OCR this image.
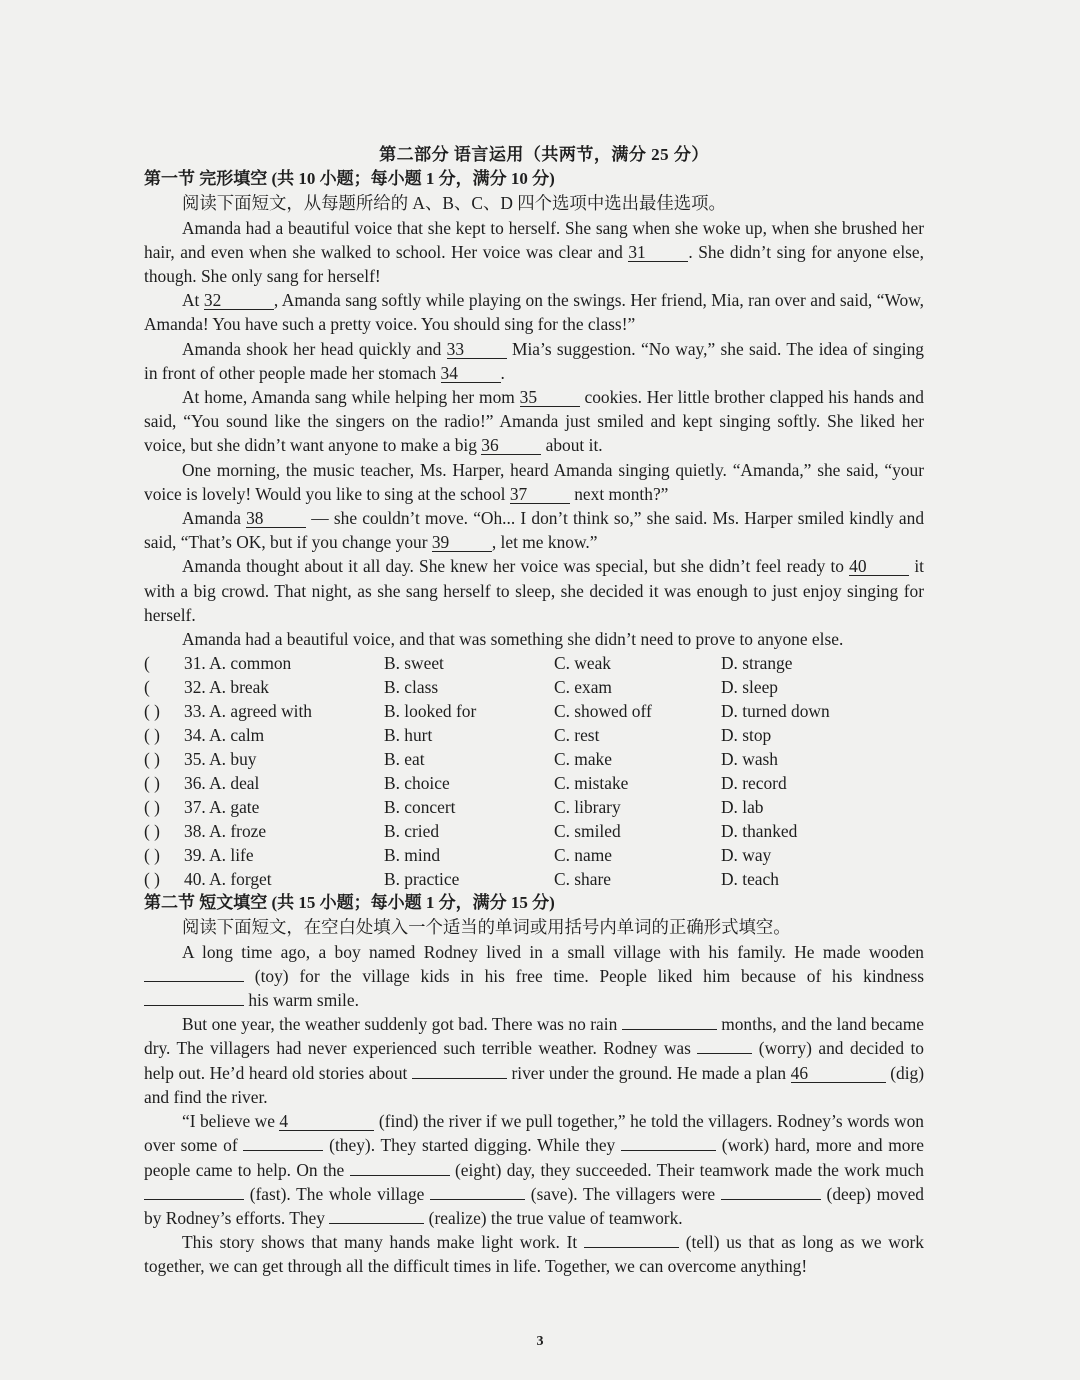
第二部分 语言运用（共两节，满分 25 分）
第一节 完形填空 (共 10 小题；每小题 1 分，满分 10 分)

阅读下面短文，从每题所给的 A、B、C、D 四个选项中选出最佳选项。

Amanda had a beautiful voice that she kept to herself. She sang when she woke up, when she brushed her hair, and even when she walked to school. Her voice was clear and 31 . She didn’t sing for anyone else, though. She only sang for herself!

At 32	, Amanda sang softly while playing on the swings. Her friend, Mia, ran over and said, “Wow, Amanda! You have such a pretty voice. You should sing for the class!”

Amanda shook her head quickly and 33 Mia’s suggestion. “No way,” she said. The idea of singing in front of other people made her stomach 34 .

At home, Amanda sang while helping her mom 35 cookies. Her little brother clapped his hands and said, “You sound like the singers on the radio!” Amanda just smiled and kept singing softly. She liked her voice, but she didn’t want anyone to make a big 36 about it.

One morning, the music teacher, Ms. Harper, heard Amanda singing quietly. “Amanda,” she said, “your voice is lovely! Would you like to sing at the school 37 next month?”

Amanda 38 — she couldn’t move. “Oh... I don’t think so,” she said. Ms. Harper smiled kindly and said, “That’s OK, but if you change your 39 , let me know.”

Amanda thought about it all day. She knew her voice was special, but she didn’t feel ready to 40 it with a big crowd. That night, as she sang herself to sleep, she decided it was enough to just enjoy singing for herself.

Amanda had a beautiful voice, and that was something she didn’t need to prove to anyone else.

(	31. A. common	B. sweet	C. weak	D. strange
(	32. A. break	B. class	C. exam	D. sleep
( )	33. A. agreed with	B. looked for	C. showed off	D. turned down
( )	34. A. calm	B. hurt	C. rest	D. stop
( )	35. A. buy	B. eat	C. make	D. wash
( )	36. A. deal	B. choice	C. mistake	D. record
( )	37. A. gate	B. concert	C. library	D. lab
( )	38. A. froze	B. cried	C. smiled	D. thanked
( )	39. A. life	B. mind	C. name	D. way
( )	40. A. forget	B. practice	C. share	D. teach
第二节 短文填空 (共 15 小题；每小题 1 分，满分 15 分)

阅读下面短文，在空白处填入一个适当的单词或用括号内单词的正确形式填空。

A long time ago, a boy named Rodney lived in a small village with his family. He made wooden  (toy) for the village kids in his free time. People liked him because of his kindness  his warm smile.

But one year, the weather suddenly got bad. There was no rain	months, and the land became dry. The villagers had never experienced such terrible weather. Rodney was	(worry) and decided to help out. He’d heard old stories about	river under the ground. He made a plan 46	(dig) and find the river.

“I believe we 4	(find) the river if we pull together,” he told the villagers. Rodney’s words won over some of	(they). They started digging. While they	(work) hard, more and more people came to help. On the	(eight) day, they succeeded. Their teamwork made the work much  (fast). The whole village	(save). The villagers were	(deep) moved by Rodney’s efforts. They	(realize) the true value of teamwork.

This story shows that many hands make light work. It	(tell) us that as long as we work together, we can get through all the difficult times in life. Together, we can overcome anything!

3
